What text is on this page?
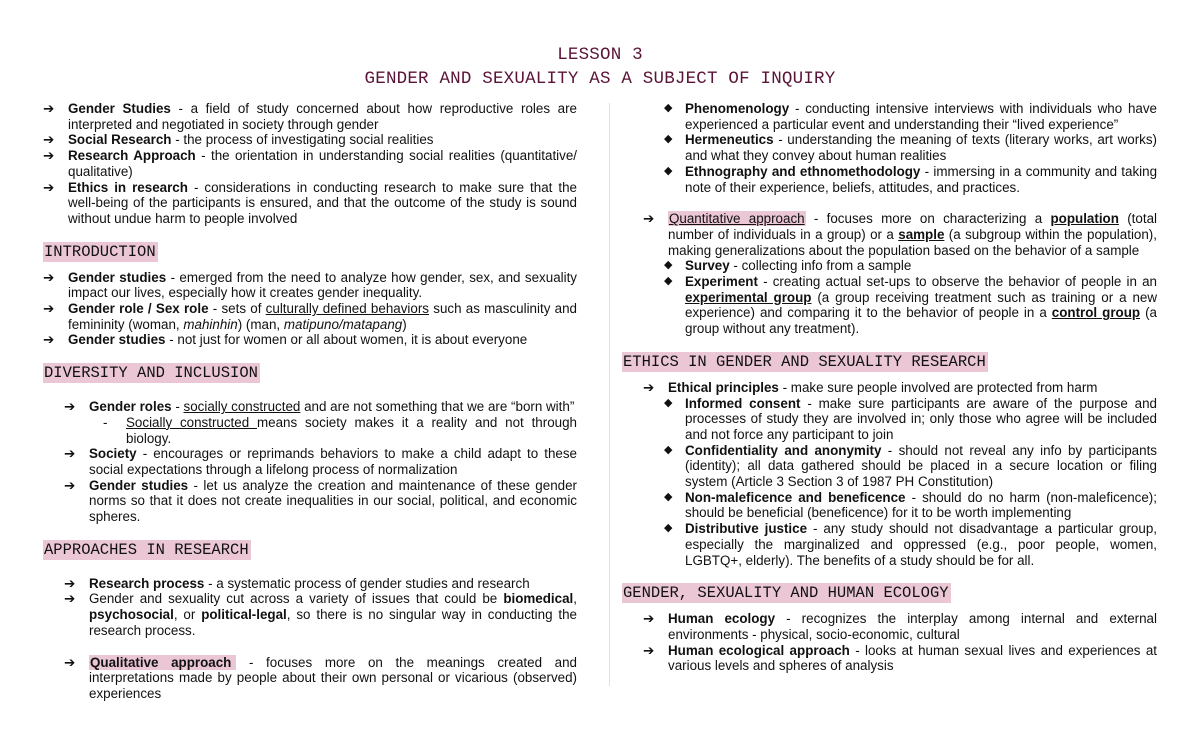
LESSON 3
GENDER AND SEXUALITY AS A SUBJECT OF INQUIRY
➔ Gender Studies - a field of study concerned about how reproductive roles are interpreted and negotiated in society through gender
➔ Social Research - the process of investigating social realities
➔ Research Approach - the orientation in understanding social realities (quantitative/ qualitative)
➔ Ethics in research - considerations in conducting research to make sure that the well-being of the participants is ensured, and that the outcome of the study is sound without undue harm to people involved
INTRODUCTION
➔ Gender studies - emerged from the need to analyze how gender, sex, and sexuality impact our lives, especially how it creates gender inequality.
➔ Gender role / Sex role - sets of culturally defined behaviors such as masculinity and femininity (woman, mahinhin) (man, matipuno/matapang)
➔ Gender studies - not just for women or all about women, it is about everyone
DIVERSITY AND INCLUSION
➔ Gender roles - socially constructed and are not something that we are “born with”
- Socially constructed means society makes it a reality and not through biology.
➔ Society - encourages or reprimands behaviors to make a child adapt to these social expectations through a lifelong process of normalization
➔ Gender studies - let us analyze the creation and maintenance of these gender norms so that it does not create inequalities in our social, political, and economic spheres.
APPROACHES IN RESEARCH
➔ Research process - a systematic process of gender studies and research
➔ Gender and sexuality cut across a variety of issues that could be biomedical, psychosocial, or political-legal, so there is no singular way in conducting the research process.
➔ Qualitative approach - focuses more on the meanings created and interpretations made by people about their own personal or vicarious (observed) experiences
◆ Phenomenology - conducting intensive interviews with individuals who have experienced a particular event and understanding their “lived experience”
◆ Hermeneutics - understanding the meaning of texts (literary works, art works) and what they convey about human realities
◆ Ethnography and ethnomethodology - immersing in a community and taking note of their experience, beliefs, attitudes, and practices.
➔ Quantitative approach - focuses more on characterizing a population (total number of individuals in a group) or a sample (a subgroup within the population), making generalizations about the population based on the behavior of a sample
◆ Survey - collecting info from a sample
◆ Experiment - creating actual set-ups to observe the behavior of people in an experimental group (a group receiving treatment such as training or a new experience) and comparing it to the behavior of people in a control group (a group without any treatment).
ETHICS IN GENDER AND SEXUALITY RESEARCH
➔ Ethical principles - make sure people involved are protected from harm
◆ Informed consent - make sure participants are aware of the purpose and processes of study they are involved in; only those who agree will be included and not force any participant to join
◆ Confidentiality and anonymity - should not reveal any info by participants (identity); all data gathered should be placed in a secure location or filing system (Article 3 Section 3 of 1987 PH Constitution)
◆ Non-maleficence and beneficence - should do no harm (non-maleficence); should be beneficial (beneficence) for it to be worth implementing
◆ Distributive justice - any study should not disadvantage a particular group, especially the marginalized and oppressed (e.g., poor people, women, LGBTQ+, elderly). The benefits of a study should be for all.
GENDER, SEXUALITY AND HUMAN ECOLOGY
➔ Human ecology - recognizes the interplay among internal and external environments - physical, socio-economic, cultural
➔ Human ecological approach - looks at human sexual lives and experiences at various levels and spheres of analysis
